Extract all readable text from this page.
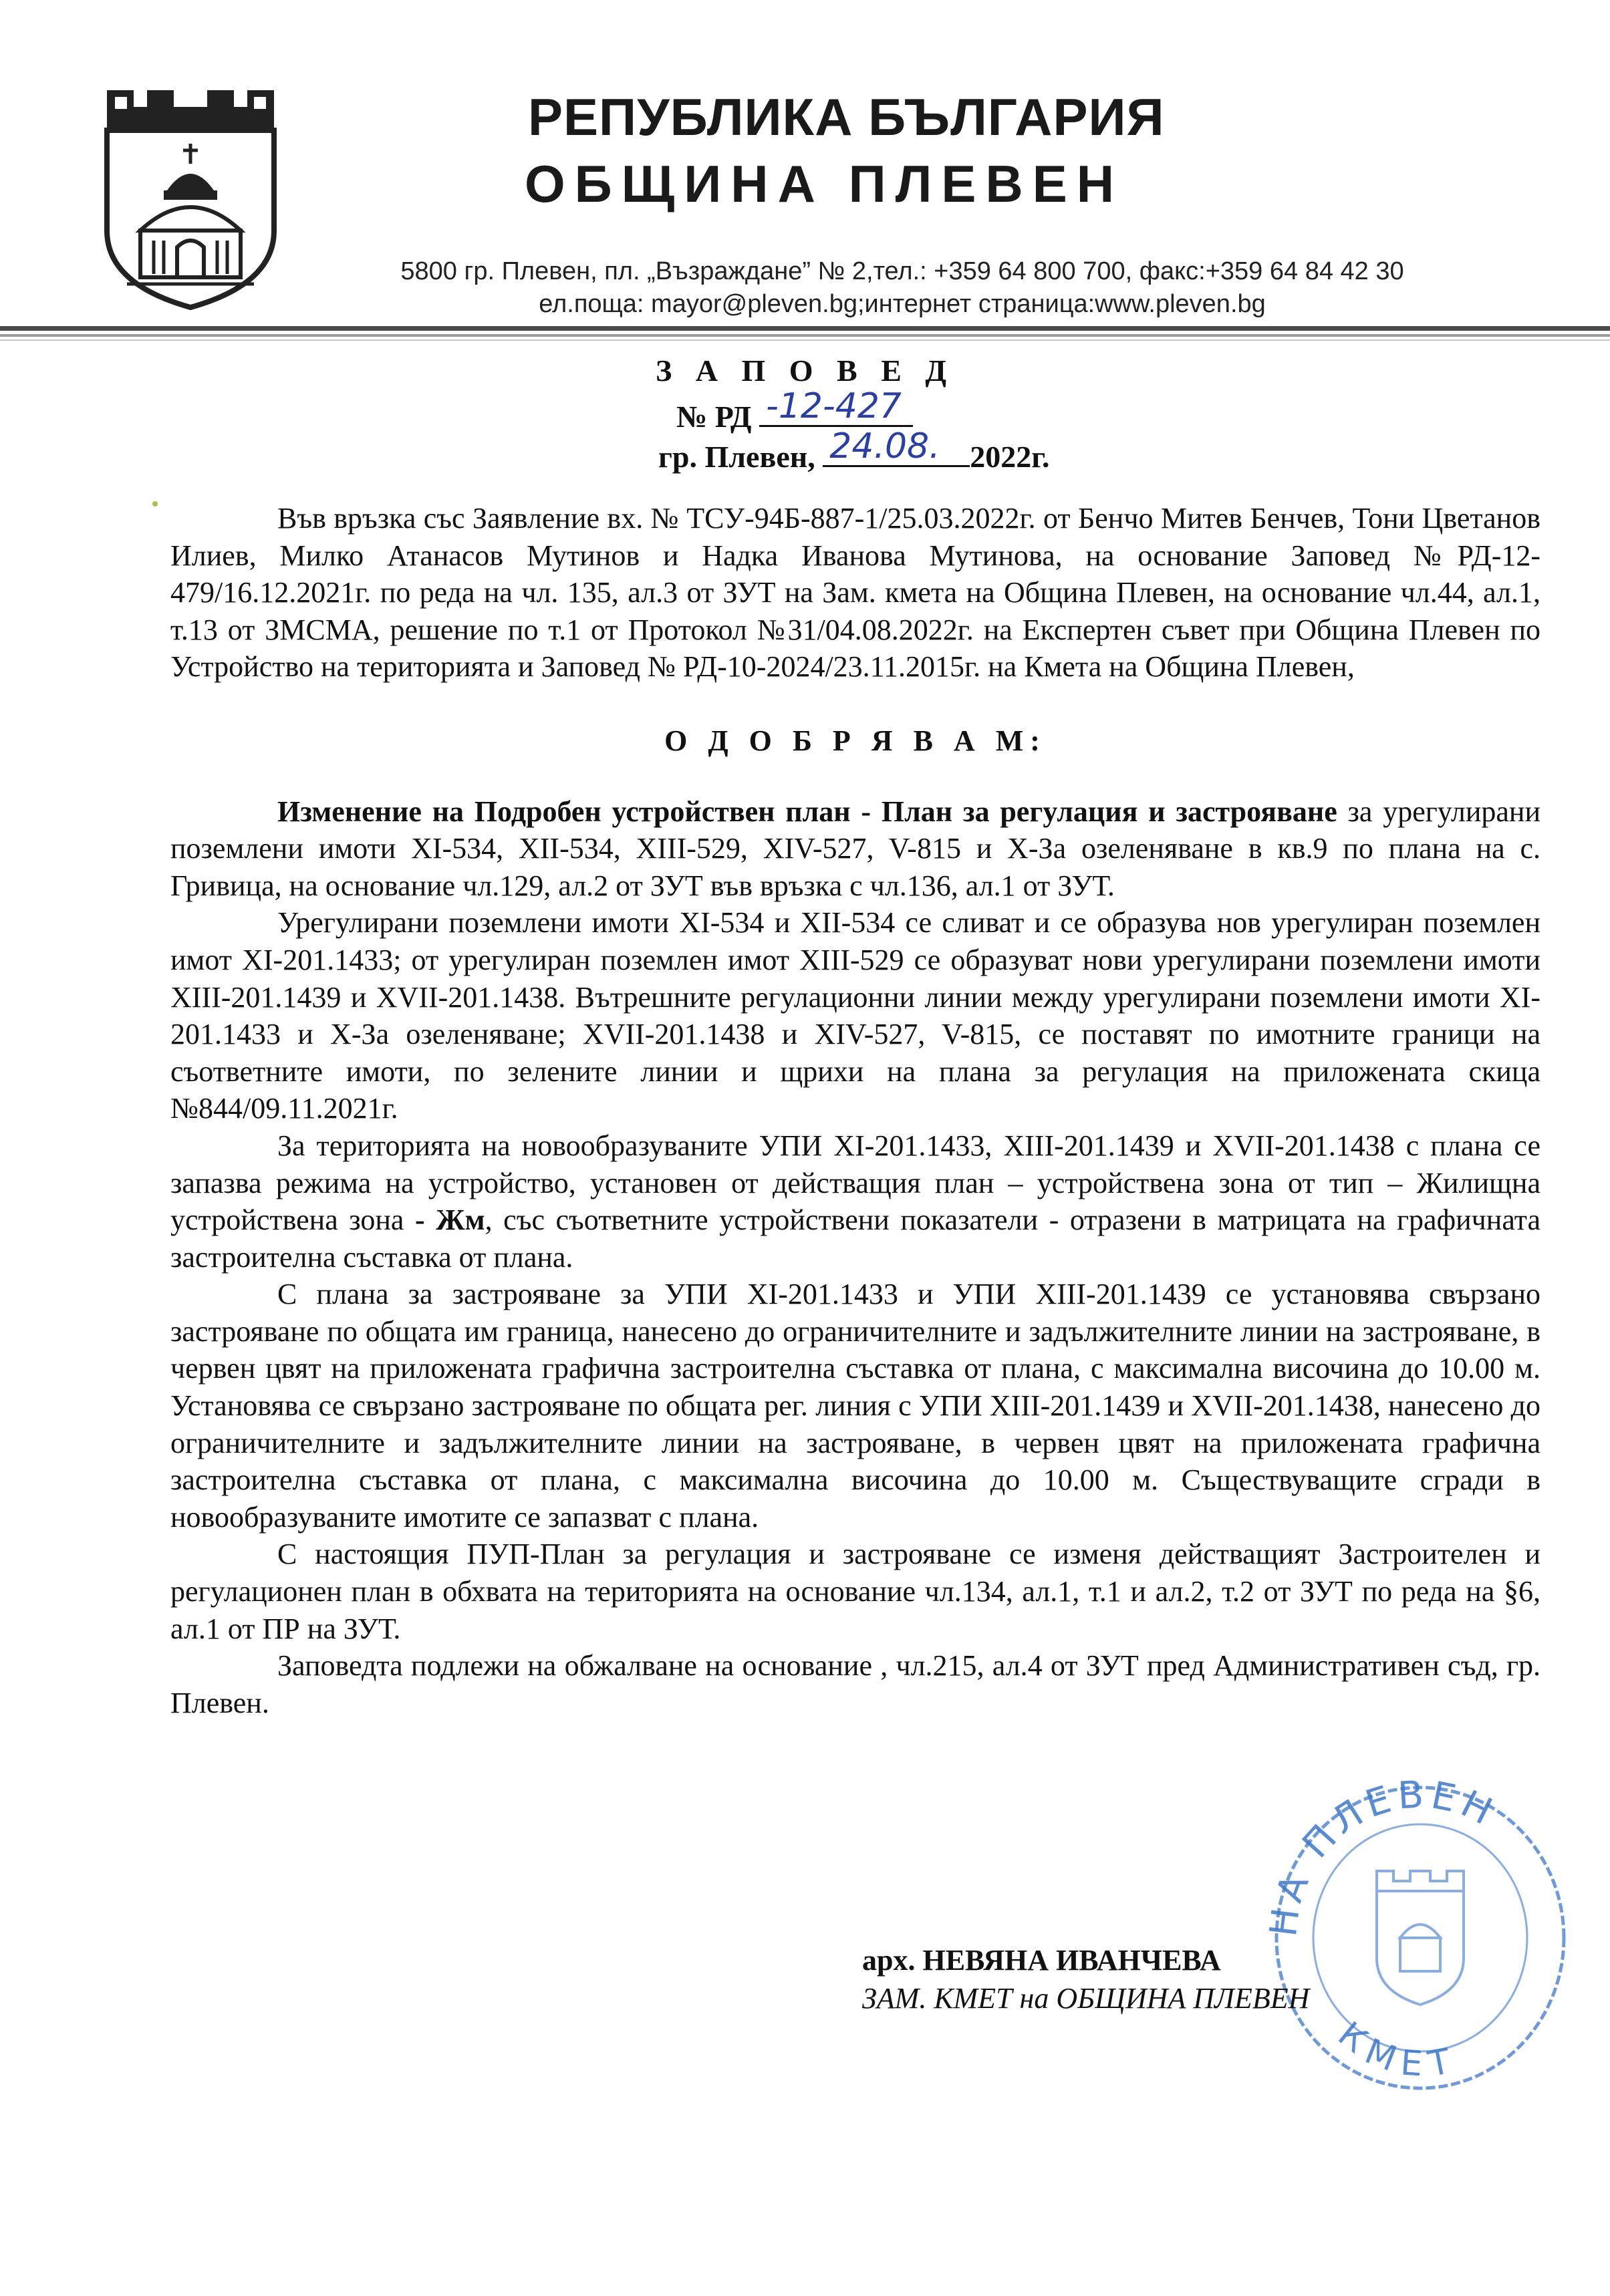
РЕПУБЛИКА БЪЛГАРИЯ
ОБЩИНА ПЛЕВЕН
5800 гр. Плевен, пл. „Възраждане” № 2,тел.: +359 64 800 700, факс:+359 64 84 42 30
ел.поща: mayor@pleven.bg;интернет страница:www.pleven.bg
З А П О В Е Д
№ РД -12-427
гр. Плевен, 24.08. 2022г.

Във връзка със Заявление вх. № ТСУ-94Б-887-1/25.03.2022г. от Бенчо Митев Бенчев, Тони Цветанов Илиев, Милко Атанасов Мутинов и Надка Иванова Мутинова, на основание Заповед №РД-12-479/16.12.2021г. по реда на чл. 135, ал.3 от ЗУТ на Зам. кмета на Община Плевен, на основание чл.44, ал.1, т.13 от ЗМСМА, решение по т.1 от Протокол №31/04.08.2022г. на Експертен съвет при Община Плевен по Устройство на територията и Заповед № РД-10-2024/23.11.2015г. на Кмета на Община Плевен,

О Д О Б Р Я В А М:

Изменение на Подробен устройствен план - План за регулация и застрояване за урегулирани поземлени имоти XI-534, XII-534, XIII-529, XIV-527, V-815 и X-За озеленяване в кв.9 по плана на с. Гривица, на основание чл.129, ал.2 от ЗУТ във връзка с чл.136, ал.1 от ЗУТ.

Урегулирани поземлени имоти XI-534 и XII-534 се сливат и се образува нов урегулиран поземлен имот XI-201.1433; от урегулиран поземлен имот XIII-529 се образуват нови урегулирани поземлени имоти XIII-201.1439 и XVII-201.1438. Вътрешните регулационни линии между урегулирани поземлени имоти XI-201.1433 и X-За озеленяване; XVII-201.1438 и XIV-527, V-815, се поставят по имотните граници на съответните имоти, по зелените линии и щрихи на плана за регулация на приложената скица №844/09.11.2021г.

За територията на новообразуваните УПИ XI-201.1433, XIII-201.1439 и XVII-201.1438 с плана се запазва режима на устройство, установен от действащия план – устройствена зона от тип – Жилищна устройствена зона - Жм, със съответните устройствени показатели - отразени в матрицата на графичната застроителна съставка от плана.

С плана за застрояване за УПИ XI-201.1433 и УПИ XIII-201.1439 се установява свързано застрояване по общата им граница, нанесено до ограничителните и задължителните линии на застрояване, в червен цвят на приложената графична застроителна съставка от плана, с максимална височина до 10.00 м. Установява се свързано застрояване по общата рег. линия с УПИ XIII-201.1439 и XVII-201.1438, нанесено до ограничителните и задължителните линии на застрояване, в червен цвят на приложената графична застроителна съставка от плана, с максимална височина до 10.00 м. Съществуващите сгради в новообразуваните имотите се запазват с плана.

С настоящия ПУП-План за регулация и застрояване се изменя действащият Застроителен и регулационен план в обхвата на територията на основание чл.134, ал.1, т.1 и ал.2, т.2 от ЗУТ по реда на §6, ал.1 от ПР на ЗУТ.

Заповедта подлежи на обжалване на основание , чл.215, ал.4 от ЗУТ пред Административен съд, гр. Плевен.

НА ПЛЕВЕН
КМЕТ
арх. НЕВЯНА ИВАНЧЕВА
ЗАМ. КМЕТ на ОБЩИНА ПЛЕВЕН
